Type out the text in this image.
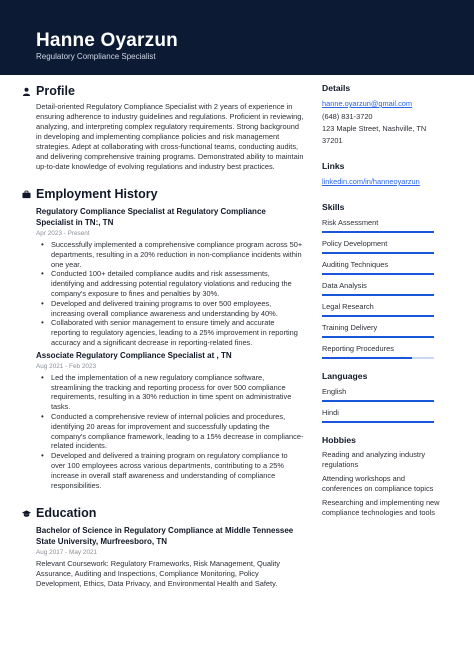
Hanne Oyarzun
Regulatory Compliance Specialist
Profile
Detail-oriented Regulatory Compliance Specialist with 2 years of experience in ensuring adherence to industry guidelines and regulations. Proficient in reviewing, analyzing, and interpreting complex regulatory requirements. Strong background in developing and implementing compliance policies and risk management strategies. Adept at collaborating with cross-functional teams, conducting audits, and delivering comprehensive training programs. Demonstrated ability to maintain up-to-date knowledge of evolving regulations and industry best practices.
Employment History
Regulatory Compliance Specialist at Regulatory Compliance Specialist in TN:, TN
Apr 2023 - Present
• Successfully implemented a comprehensive compliance program across 50+ departments, resulting in a 20% reduction in non-compliance incidents within one year.
• Conducted 100+ detailed compliance audits and risk assessments, identifying and addressing potential regulatory violations and reducing the company's exposure to fines and penalties by 30%.
• Developed and delivered training programs to over 500 employees, increasing overall compliance awareness and understanding by 40%.
• Collaborated with senior management to ensure timely and accurate reporting to regulatory agencies, leading to a 25% improvement in reporting accuracy and a significant decrease in reporting-related fines.
Associate Regulatory Compliance Specialist at , TN
Aug 2021 - Feb 2023
• Led the implementation of a new regulatory compliance software, streamlining the tracking and reporting process for over 500 compliance requirements, resulting in a 30% reduction in time spent on administrative tasks.
• Conducted a comprehensive review of internal policies and procedures, identifying 20 areas for improvement and successfully updating the company's compliance framework, leading to a 15% decrease in compliance-related incidents.
• Developed and delivered a training program on regulatory compliance to over 100 employees across various departments, contributing to a 25% increase in overall staff awareness and understanding of compliance responsibilities.
Education
Bachelor of Science in Regulatory Compliance at Middle Tennessee State University, Murfreesboro, TN
Aug 2017 - May 2021
Relevant Coursework: Regulatory Frameworks, Risk Management, Quality Assurance, Auditing and Inspections, Compliance Monitoring, Policy Development, Ethics, Data Privacy, and Environmental Health and Safety.
Details
hanne.oyarzun@gmail.com
(648) 831-3720
123 Maple Street, Nashville, TN 37201
Links
linkedin.com/in/hanneoyarzun
Skills
Risk Assessment
Policy Development
Auditing Techniques
Data Analysis
Legal Research
Training Delivery
Reporting Procedures
Languages
English
Hindi
Hobbies
Reading and analyzing industry regulations
Attending workshops and conferences on compliance topics
Researching and implementing new compliance technologies and tools
